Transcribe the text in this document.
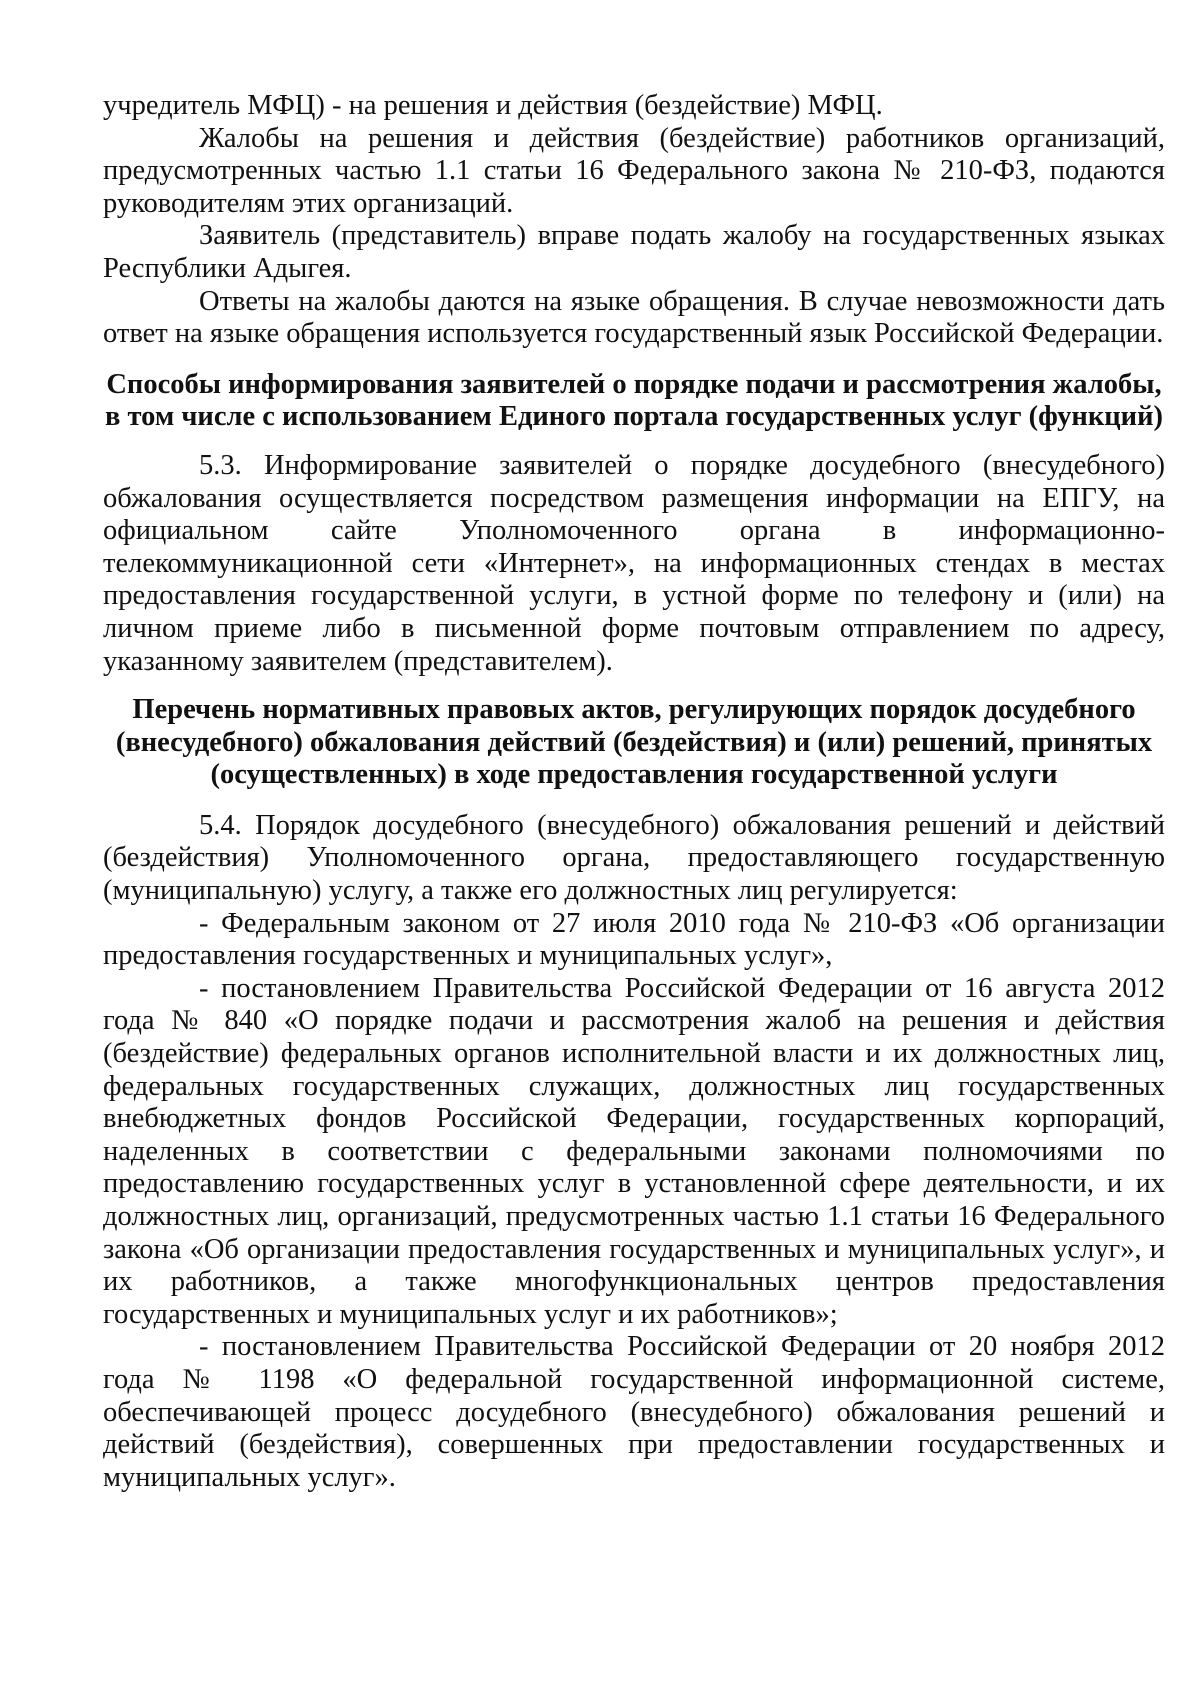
учредитель МФЦ) - на решения и действия (бездействие) МФЦ.

Жалобы на решения и действия (бездействие) работников организаций, предусмотренных частью 1.1 статьи 16 Федерального закона № 210-ФЗ, подаются руководителям этих организаций.

Заявитель (представитель) вправе подать жалобу на государственных языках Республики Адыгея.

Ответы на жалобы даются на языке обращения. В случае невозможности дать ответ на языке обращения используется государственный язык Российской Федерации.

Способы информирования заявителей о порядке подачи и рассмотрения жалобы, в том числе с использованием Единого портала государственных услуг (функций)

5.3. Информирование заявителей о порядке досудебного (внесудебного) обжалования осуществляется посредством размещения информации на ЕПГУ, на официальном сайте Уполномоченного органа в информационно-телекоммуникационной сети «Интернет», на информационных стендах в местах предоставления государственной услуги, в устной форме по телефону и (или) на личном приеме либо в письменной форме почтовым отправлением по адресу, указанному заявителем (представителем).

Перечень нормативных правовых актов, регулирующих порядок досудебного (внесудебного) обжалования действий (бездействия) и (или) решений, принятых (осуществленных) в ходе предоставления государственной услуги

5.4. Порядок досудебного (внесудебного) обжалования решений и действий (бездействия) Уполномоченного органа, предоставляющего государственную (муниципальную) услугу, а также его должностных лиц регулируется:

- Федеральным законом от 27 июля 2010 года № 210-ФЗ «Об организации предоставления государственных и муниципальных услуг»,

- постановлением Правительства Российской Федерации от 16 августа 2012 года № 840 «О порядке подачи и рассмотрения жалоб на решения и действия (бездействие) федеральных органов исполнительной власти и их должностных лиц, федеральных государственных служащих, должностных лиц государственных внебюджетных фондов Российской Федерации, государственных корпораций, наделенных в соответствии с федеральными законами полномочиями по предоставлению государственных услуг в установленной сфере деятельности, и их должностных лиц, организаций, предусмотренных частью 1.1 статьи 16 Федерального закона «Об организации предоставления государственных и муниципальных услуг», и их работников, а также многофункциональных центров предоставления государственных и муниципальных услуг и их работников»;

- постановлением Правительства Российской Федерации от 20 ноября 2012 года № 1198 «О федеральной государственной информационной системе, обеспечивающей процесс досудебного (внесудебного) обжалования решений и действий (бездействия), совершенных при предоставлении государственных и муниципальных услуг».
